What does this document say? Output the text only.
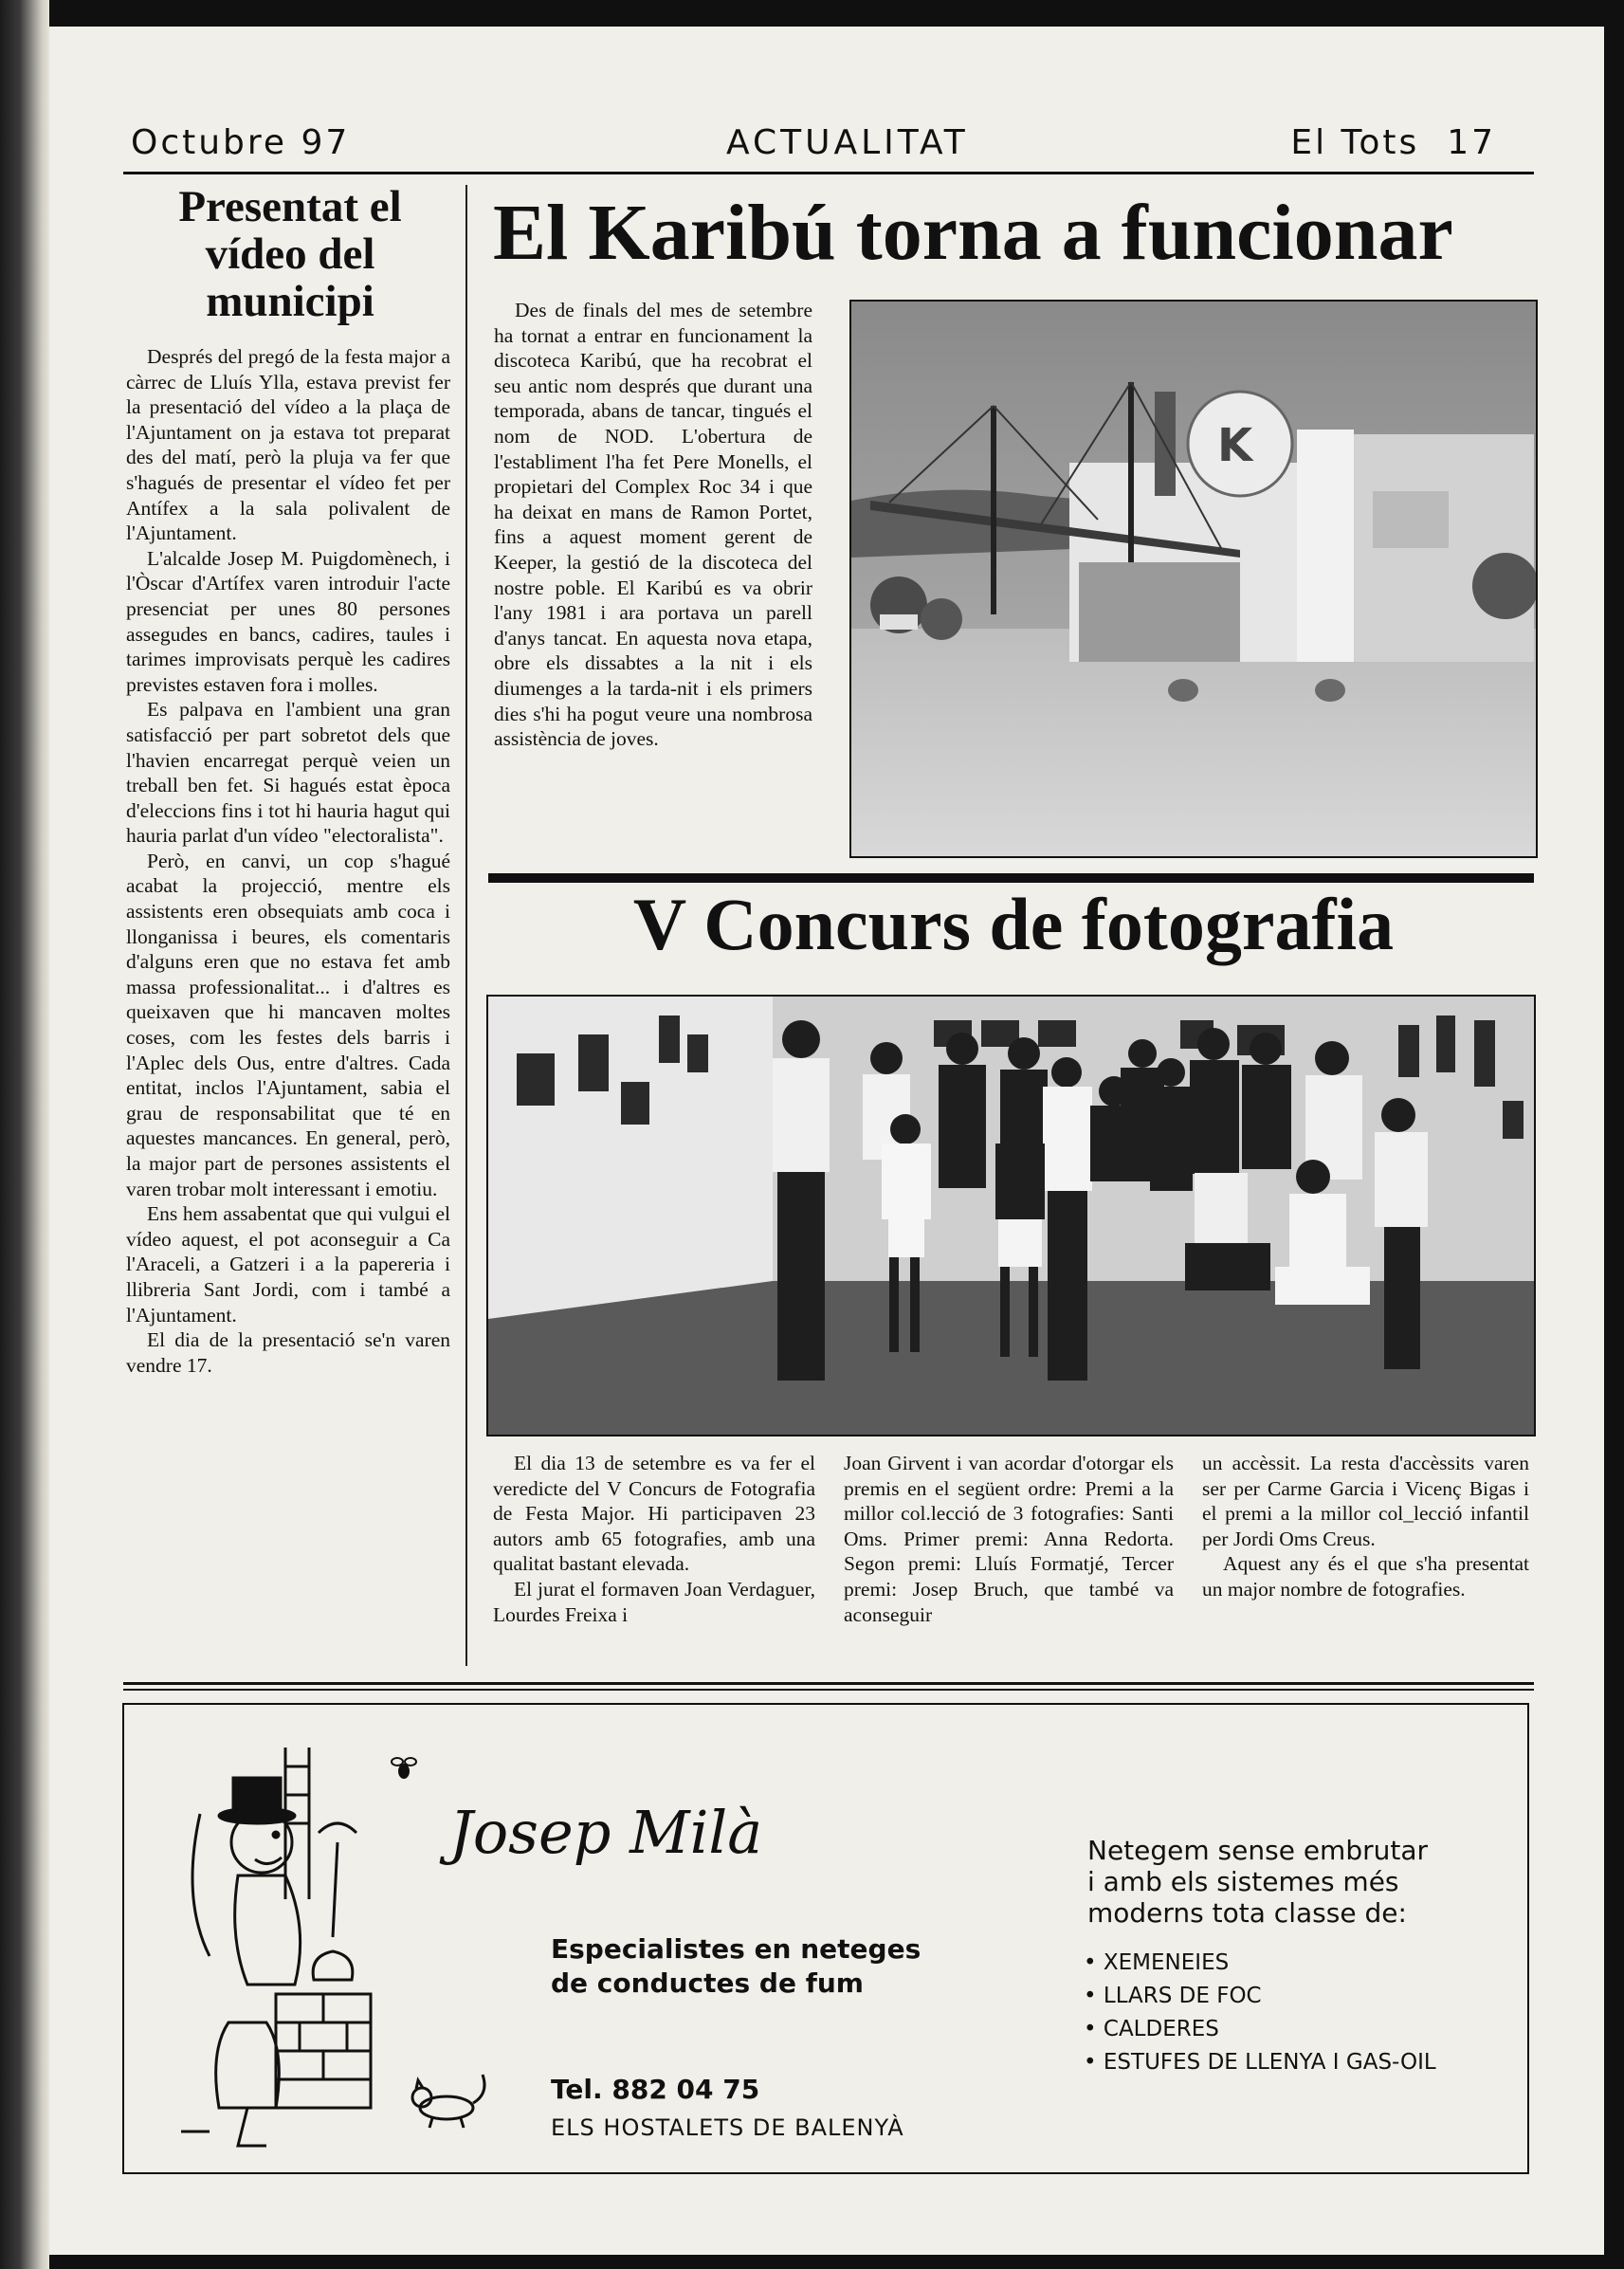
Octubre 97	ACTUALITAT	El Tots  17
Presentat el vídeo del municipi

Després del pregó de la festa major a càrrec de Lluís Ylla, estava previst fer la presentació del vídeo a la plaça de l'Ajuntament on ja estava tot preparat des del matí, però la pluja va fer que s'hagués de presentar el vídeo fet per Antífex a la sala polivalent de l'Ajuntament.

L'alcalde Josep M. Puigdomènech, i l'Òscar d'Artífex varen introduir l'acte presenciat per unes 80 persones assegudes en bancs, cadires, taules i tarimes improvisats perquè les cadires previstes estaven fora i molles.

Es palpava en l'ambient una gran satisfacció per part sobretot dels que l'havien encarregat perquè veien un treball ben fet. Si hagués estat època d'eleccions fins i tot hi hauria hagut qui hauria parlat d'un vídeo "electoralista".

Però, en canvi, un cop s'hagué acabat la projecció, mentre els assistents eren obsequiats amb coca i llonganissa i beures, els comentaris d'alguns eren que no estava fet amb massa professionalitat... i d'altres es queixaven que hi mancaven moltes coses, com les festes dels barris i l'Aplec dels Ous, entre d'altres. Cada entitat, inclos l'Ajuntament, sabia el grau de responsabilitat que té en aquestes mancances. En general, però, la major part de persones assistents el varen trobar molt interessant i emotiu.

Ens hem assabentat que qui vulgui el vídeo aquest, el pot aconseguir a Ca l'Araceli, a Gatzeri i a la papereria i llibreria Sant Jordi, com i també a l'Ajuntament.

El dia de la presentació se'n varen vendre 17.

El Karibú torna a funcionar

Des de finals del mes de setembre ha tornat a entrar en funcionament la discoteca Karibú, que ha recobrat el seu antic nom després que durant una temporada, abans de tancar, tingués el nom de NOD. L'obertura de l'establiment l'ha fet Pere Monells, el propietari del Complex Roc 34 i que ha deixat en mans de Ramon Portet, fins a aquest moment gerent de Keeper, la gestió de la discoteca del nostre poble. El Karibú es va obrir l'any 1981 i ara portava un parell d'anys tancat. En aquesta nova etapa, obre els dissabtes a la nit i els diumenges a la tarda-nit i els primers dies s'hi ha pogut veure una nombrosa assistència de joves.

K
V Concurs de fotografia

El dia 13 de setembre es va fer el veredicte del V Concurs de Fotografia de Festa Major. Hi participaven 23 autors amb 65 fotografies, amb una qualitat bastant elevada.

El jurat el formaven Joan Verdaguer, Lourdes Freixa i

Joan Girvent i van acordar d'otorgar els premis en el següent ordre: Premi a la millor col.lecció de 3 fotografies: Santi Oms. Primer premi: Anna Redorta. Segon premi: Lluís Formatjé, Tercer premi: Josep Bruch, que també va aconseguir

un accèssit. La resta d'accèssits varen ser per Carme Garcia i Vicenç Bigas i el premi a la millor col_lecció infantil per Jordi Oms Creus.

Aquest any és el que s'ha presentat un major nombre de fotografies.

Josep Milà
Especialistes en neteges
de conductes de fum
Tel. 882 04 75
ELS HOSTALETS DE BALENYÀ
Netegem sense embrutar
i amb els sistemes més
moderns tota classe de:
• XEMENEIES
• LLARS DE FOC
• CALDERES
• ESTUFES DE LLENYA I GAS-OIL
